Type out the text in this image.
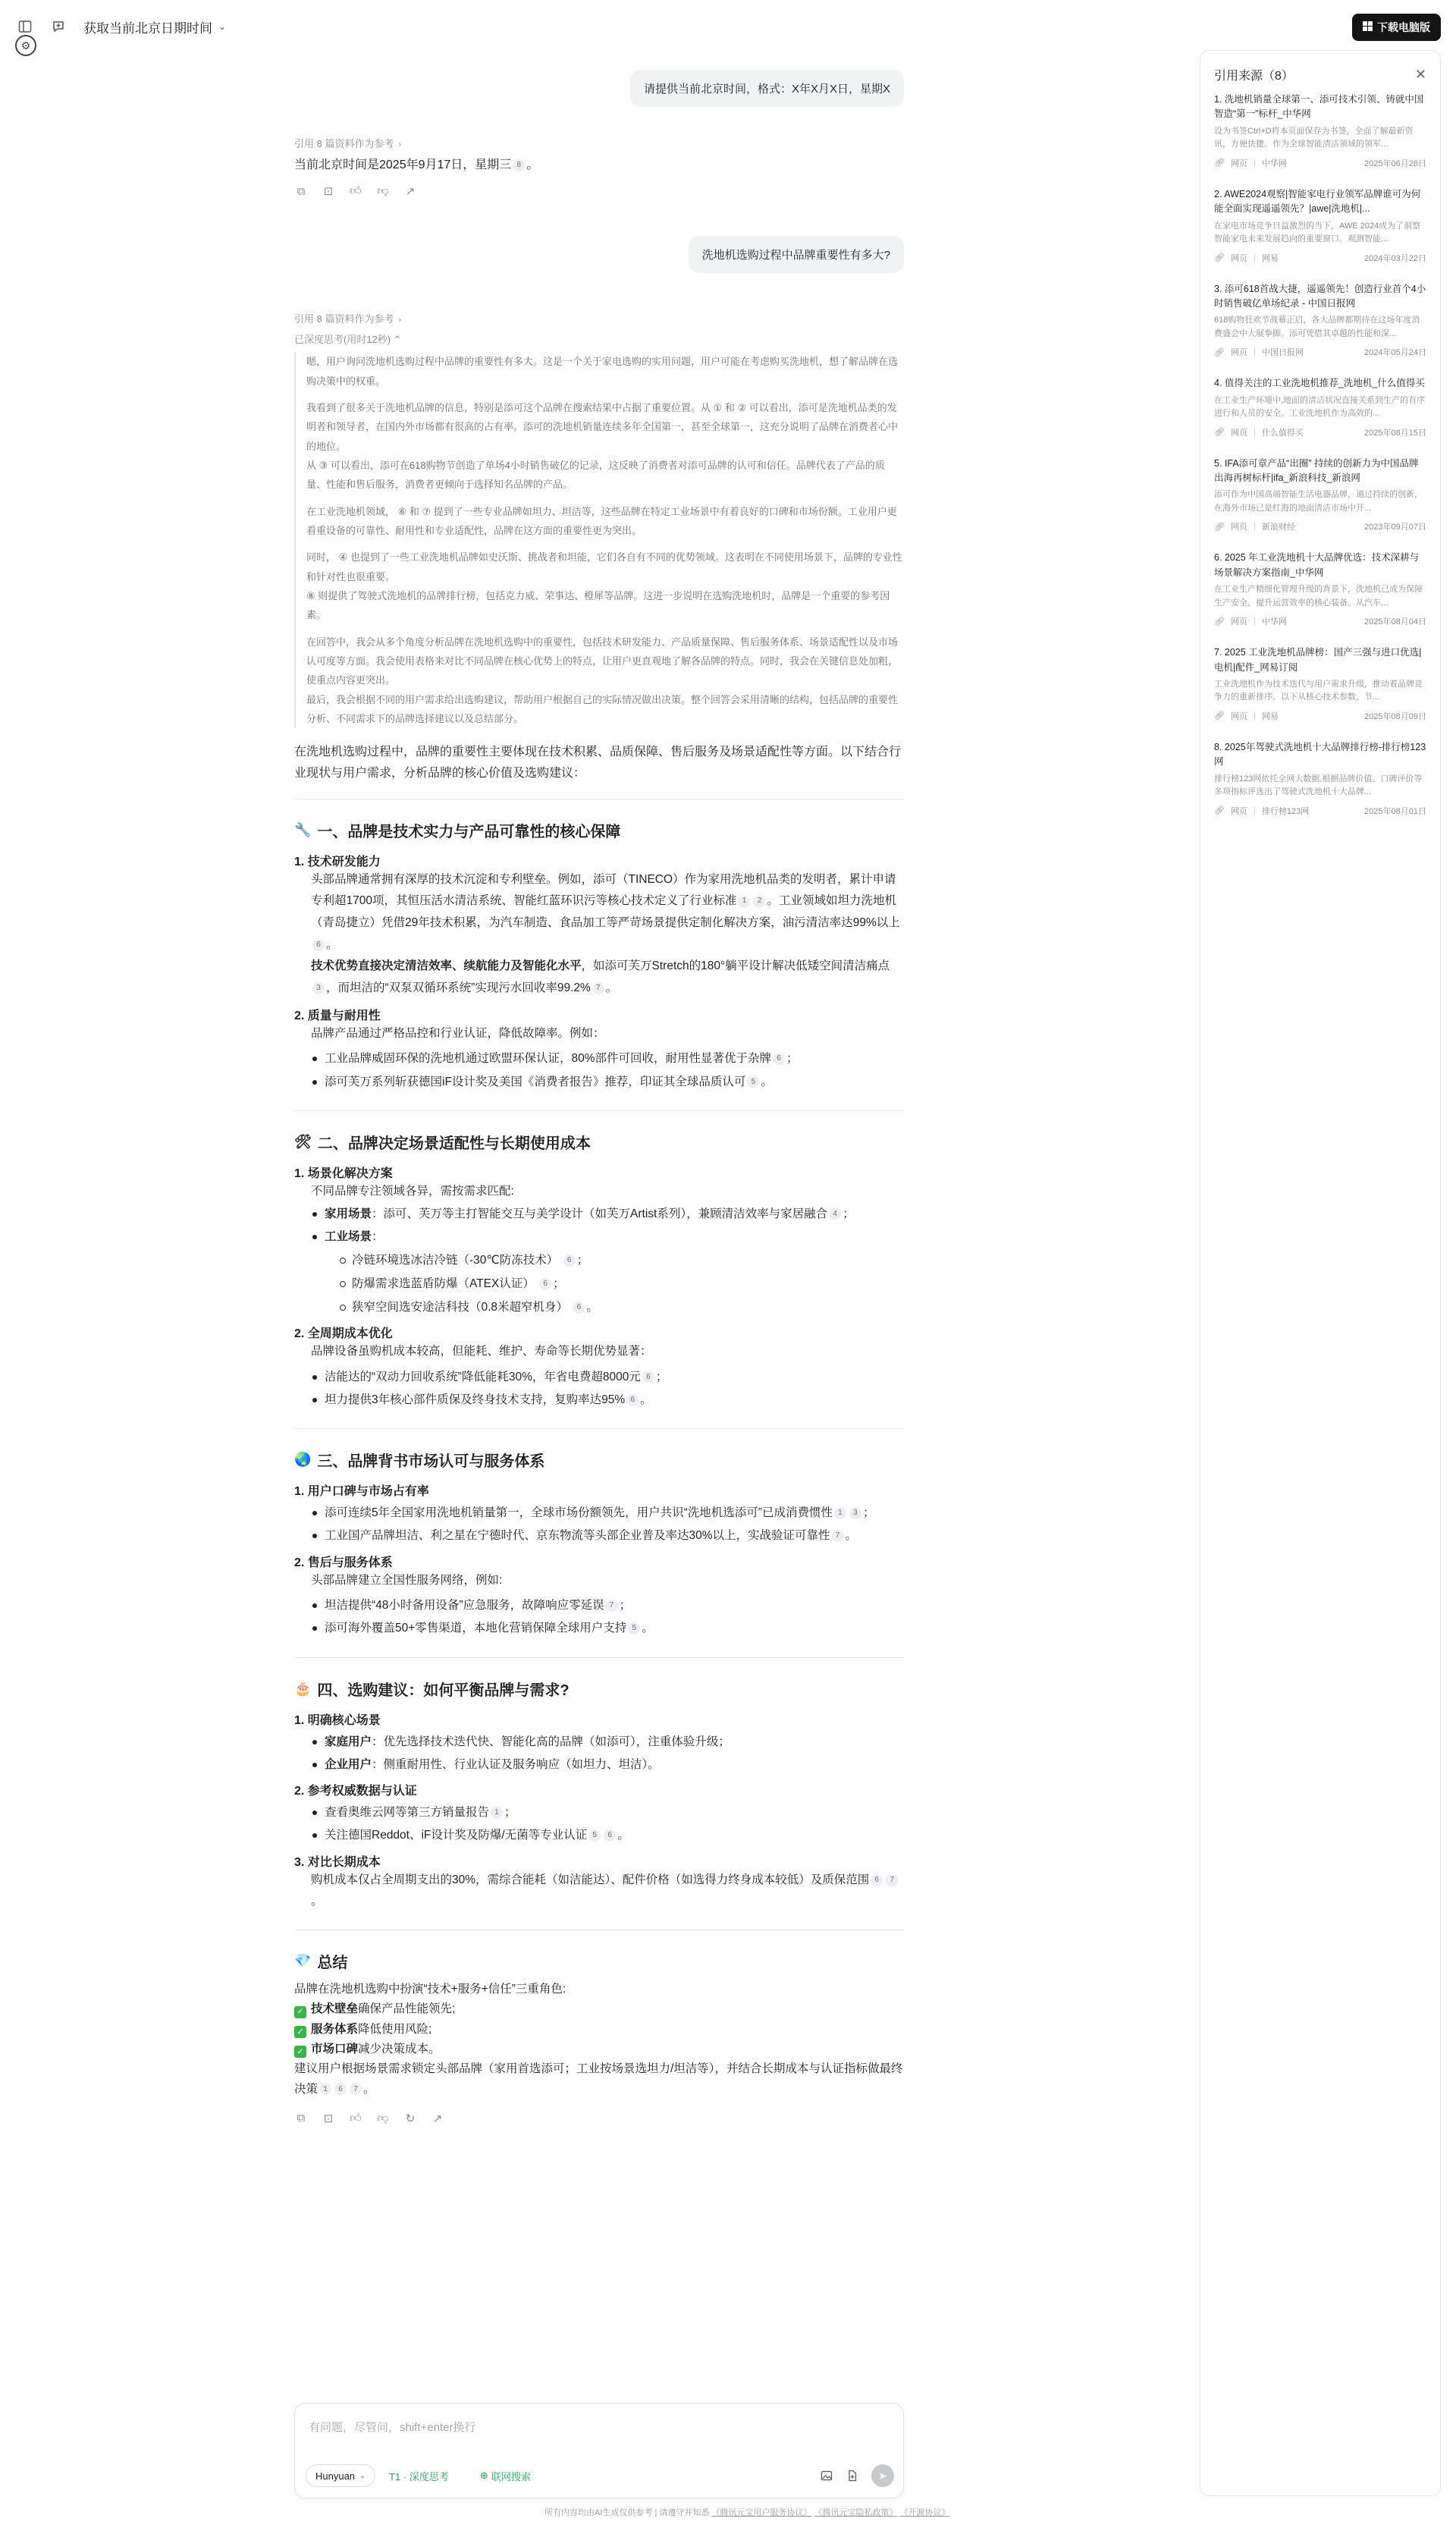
获取当前北京日期时间 ⌄
⚙
下载电脑版
请提供当前北京时间，格式：X年X月X日，星期X
引用 8 篇资料作为参考 ›
当前北京时间是2025年9月17日，星期三 8 。
⧉ ⊡ 👍︎ 👎︎ ↗
洗地机选购过程中品牌重要性有多大?
引用 8 篇资料作为参考 ›
已深度思考(用时12秒) ⌃

嗯，用户询问洗地机选购过程中品牌的重要性有多大。这是一个关于家电选购的实用问题，用户可能在考虑购买洗地机，想了解品牌在选购决策中的权重。

我看到了很多关于洗地机品牌的信息，特别是添可这个品牌在搜索结果中占据了重要位置。从 ① 和 ② 可以看出，添可是洗地机品类的发明者和领导者，在国内外市场都有很高的占有率。添可的洗地机销量连续多年全国第一，甚至全球第一，这充分说明了品牌在消费者心中的地位。

从 ③ 可以看出，添可在618购物节创造了单场4小时销售破亿的记录，这反映了消费者对添可品牌的认可和信任。品牌代表了产品的质量、性能和售后服务，消费者更倾向于选择知名品牌的产品。

在工业洗地机领域， ⑥ 和 ⑦ 提到了一些专业品牌如坦力、坦洁等，这些品牌在特定工业场景中有着良好的口碑和市场份额。工业用户更看重设备的可靠性、耐用性和专业适配性，品牌在这方面的重要性更为突出。

同时， ④ 也提到了一些工业洗地机品牌如史沃斯、挑战者和坦能，它们各自有不同的优势领域。这表明在不同使用场景下，品牌的专业性和针对性也很重要。

⑧ 则提供了驾驶式洗地机的品牌排行榜，包括克力威、荣事达、橙犀等品牌。这进一步说明在选购洗地机时，品牌是一个重要的参考因素。

在回答中，我会从多个角度分析品牌在洗地机选购中的重要性，包括技术研发能力、产品质量保障、售后服务体系、场景适配性以及市场认可度等方面。我会使用表格来对比不同品牌在核心优势上的特点，让用户更直观地了解各品牌的特点。同时，我会在关键信息处加粗，使重点内容更突出。

最后，我会根据不同的用户需求给出选购建议，帮助用户根据自己的实际情况做出决策。整个回答会采用清晰的结构，包括品牌的重要性分析、不同需求下的品牌选择建议以及总结部分。

在洗地机选购过程中，品牌的重要性主要体现在技术积累、品质保障、售后服务及场景适配性等方面。以下结合行业现状与用户需求，分析品牌的核心价值及选购建议：
🔧 一、品牌是技术实力与产品可靠性的核心保障
1. 技术研发能力
头部品牌通常拥有深厚的技术沉淀和专利壁垒。例如，添可（TINECO）作为家用洗地机品类的发明者，累计申请专利超1700项，其恒压活水清洁系统、智能红蓝环识污等核心技术定义了行业标准 1 2 。工业领域如坦力洗地机（青岛捷立）凭借29年技术积累，为汽车制造、食品加工等严苛场景提供定制化解决方案，油污清洁率达99%以上6 。
技术优势直接决定清洁效率、续航能力及智能化水平，如添可芙万Stretch的180°躺平设计解决低矮空间清洁痛点3 ，而坦洁的“双泵双循环系统”实现污水回收率99.2% 7 。
2. 质量与耐用性
品牌产品通过严格品控和行业认证，降低故障率。例如：
工业品牌威固环保的洗地机通过欧盟环保认证，80%部件可回收，耐用性显著优于杂牌 6 ；
添可芙万系列斩获德国iF设计奖及美国《消费者报告》推荐，印证其全球品质认可 5 。
🛠 二、品牌决定场景适配性与长期使用成本
1. 场景化解决方案
不同品牌专注领域各异，需按需求匹配:
家用场景：添可、芙万等主打智能交互与美学设计（如芙万Artist系列），兼顾清洁效率与家居融合 4 ；
工业场景：
冷链环境选冰洁冷链（-30℃防冻技术） 6 ；
防爆需求选蓝盾防爆（ATEX认证） 6 ；
狭窄空间选安途洁科技（0.8米超窄机身） 6 。
2. 全周期成本优化
品牌设备虽购机成本较高，但能耗、维护、寿命等长期优势显著：
洁能达的“双动力回收系统”降低能耗30%，年省电费超8000元 6 ；
坦力提供3年核心部件质保及终身技术支持，复购率达95% 6 。
🌏 三、品牌背书市场认可与服务体系
1. 用户口碑与市场占有率
添可连续5年全国家用洗地机销量第一，全球市场份额领先，用户共识“洗地机选添可”已成消费惯性 1 3 ；
工业国产品牌坦洁、利之星在宁德时代、京东物流等头部企业普及率达30%以上，实战验证可靠性 7 。
2. 售后与服务体系
头部品牌建立全国性服务网络，例如:
坦洁提供“48小时备用设备”应急服务，故障响应零延误 7 ；
添可海外覆盖50+零售渠道，本地化营销保障全球用户支持 5 。
🎂 四、选购建议：如何平衡品牌与需求?
1. 明确核心场景
家庭用户：优先选择技术迭代快、智能化高的品牌（如添可），注重体验升级；
企业用户：侧重耐用性、行业认证及服务响应（如坦力、坦洁）。
2. 参考权威数据与认证
查看奥维云网等第三方销量报告 1 ；
关注德国Reddot、iF设计奖及防爆/无菌等专业认证 5 6 。
3. 对比长期成本
购机成本仅占全周期支出的30%，需综合能耗（如洁能达）、配件价格（如选得力终身成本较低）及质保范围 6 7。
💎 总结
品牌在洗地机选购中扮演“技术+服务+信任”三重角色:
✓ 技术壁垒确保产品性能领先;
✓ 服务体系降低使用风险;
✓ 市场口碑减少决策成本。
建议用户根据场景需求锁定头部品牌（家用首选添可；工业按场景选坦力/坦洁等），并结合长期成本与认证指标做最终决策 1 6 7 。
⧉ ⊡ 👍︎ 👎︎ ↻ ↗
有问题，尽管问，shift+enter换行
Hunyuan ⌄ T1 · 深度思考	⊕ 联网搜索	➤
所有内容均由AI生成仅供参考 | 请遵守并知悉 《腾讯元宝用户服务协议》 《腾讯元宝隐私政策》 《开源协议》
引用来源（8）	✕
1. 洗地机销量全球第一、添可技术引领、铸就中国智造“第一”标杆_中华网
设为书签Ctrl+D将本页面保存为书签，全面了解最新资讯，方便快捷。作为全球智能清洁领域的领军...
🔗︎ 网页 | 中华网	2025年06月26日
2. AWE2024观察|智能家电行业领军品牌谁可为何能全面实现遥遥领先？|awe|洗地机|...
在家电市场竞争日益激烈的当下，AWE 2024成为了洞察智能家电未来发展趋向的重要窗口。观测智能...
🔗︎ 网页 | 网易	2024年03月22日
3. 添可618首战大捷，遥遥领先！创造行业首个4小时销售破亿单场纪录 - 中国日报网
618购物狂欢节战幕正启，各大品牌都期待在这场年度消费盛会中大展拳脚。添可凭借其卓越的性能和深...
🔗︎ 网页 | 中国日报网	2024年05月24日
4. 值得关注的工业洗地机推荐_洗地机_什么值得买
在工业生产环境中,地面的清洁状况直接关系到生产的有序进行和人员的安全。工业洗地机作为高效的...
🔗︎ 网页 | 什么值得买	2025年08月15日
5. IFA添可章产品“出圈” 持续的创新力为中国品牌出海再树标杆|ifa_新浪科技_新浪网
添可作为中国高端智能生活电器品牌，通过持续的创新，在海外市场已是红海的地面清洁市场中开...
🔗︎ 网页 | 新浪财经	2023年09月07日
6. 2025 年工业洗地机十大品牌优选：技术深耕与场景解决方案指南_中华网
在工业生产精细化管理升级的背景下，洗地机已成为保障生产安全、提升运营效率的核心装备。从汽车...
🔗︎ 网页 | 中华网	2025年08月04日
7. 2025 工业洗地机品牌榜：国产三强与进口优选|电机|配件_网易订阅
工业洗地机作为技术迭代与用户需求升级，推动着品牌竞争力的重新排序。以下从核心技术参数、节...
🔗︎ 网页 | 网易	2025年08月09日
8. 2025年驾驶式洗地机十大品牌排行榜-排行榜123网
排行榜123网依托全网大数据,根据品牌价值、口碑评价等多项指标评选出了驾驶式洗地机十大品牌...
🔗︎ 网页 | 排行榜123网	2025年08月01日
